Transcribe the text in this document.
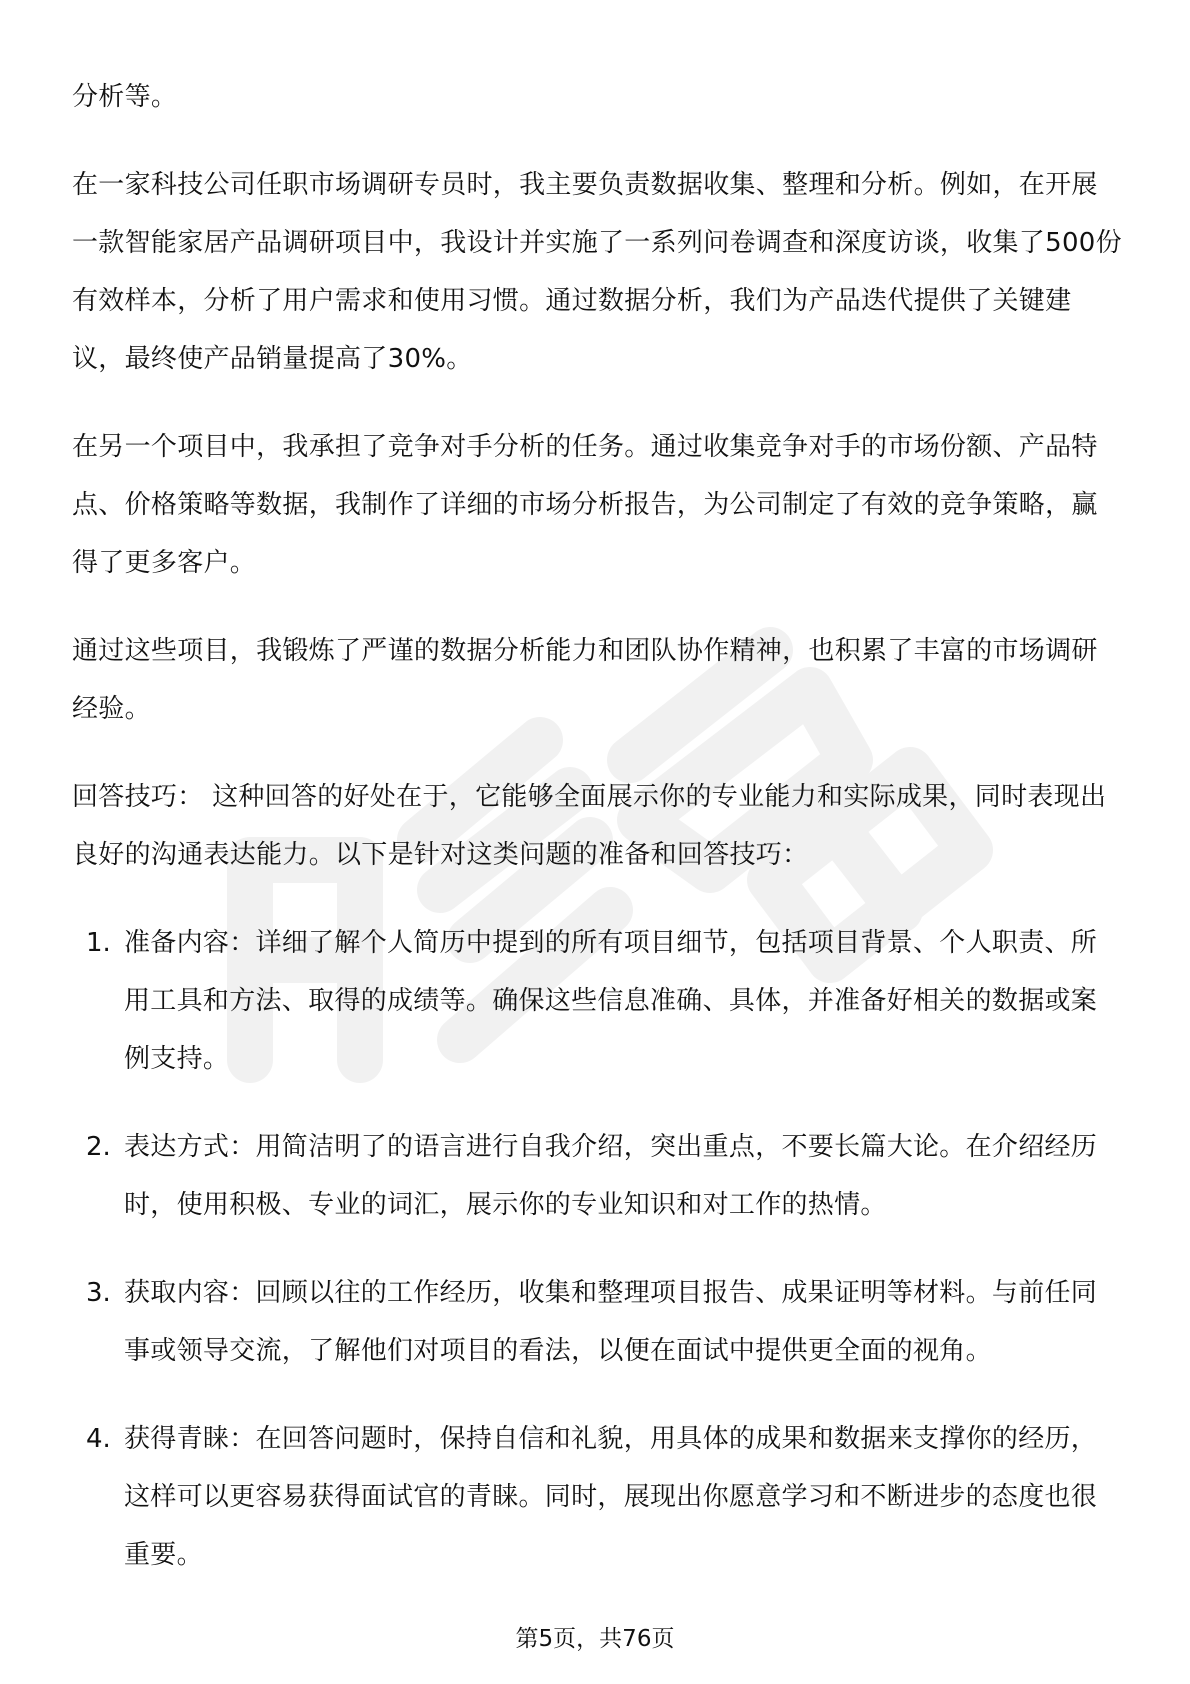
分析等。

在一家科技公司任职市场调研专员时，我主要负责数据收集、整理和分析。例如，在开展一款智能家居产品调研项目中，我设计并实施了一系列问卷调查和深度访谈，收集了500份有效样本，分析了用户需求和使用习惯。通过数据分析，我们为产品迭代提供了关键建议，最终使产品销量提高了30%。

在另一个项目中，我承担了竞争对手分析的任务。通过收集竞争对手的市场份额、产品特点、价格策略等数据，我制作了详细的市场分析报告，为公司制定了有效的竞争策略，赢得了更多客户。

通过这些项目，我锻炼了严谨的数据分析能力和团队协作精神，也积累了丰富的市场调研经验。

回答技巧： 这种回答的好处在于，它能够全面展示你的专业能力和实际成果，同时表现出良好的沟通表达能力。以下是针对这类问题的准备和回答技巧：

1. 准备内容：详细了解个人简历中提到的所有项目细节，包括项目背景、个人职责、所用工具和方法、取得的成绩等。确保这些信息准确、具体，并准备好相关的数据或案例支持。

2. 表达方式：用简洁明了的语言进行自我介绍，突出重点，不要长篇大论。在介绍经历时，使用积极、专业的词汇，展示你的专业知识和对工作的热情。

3. 获取内容：回顾以往的工作经历，收集和整理项目报告、成果证明等材料。与前任同事或领导交流，了解他们对项目的看法，以便在面试中提供更全面的视角。

4. 获得青睐：在回答问题时，保持自信和礼貌，用具体的成果和数据来支撑你的经历，这样可以更容易获得面试官的青睐。同时，展现出你愿意学习和不断进步的态度也很重要。

第5页，共76页
